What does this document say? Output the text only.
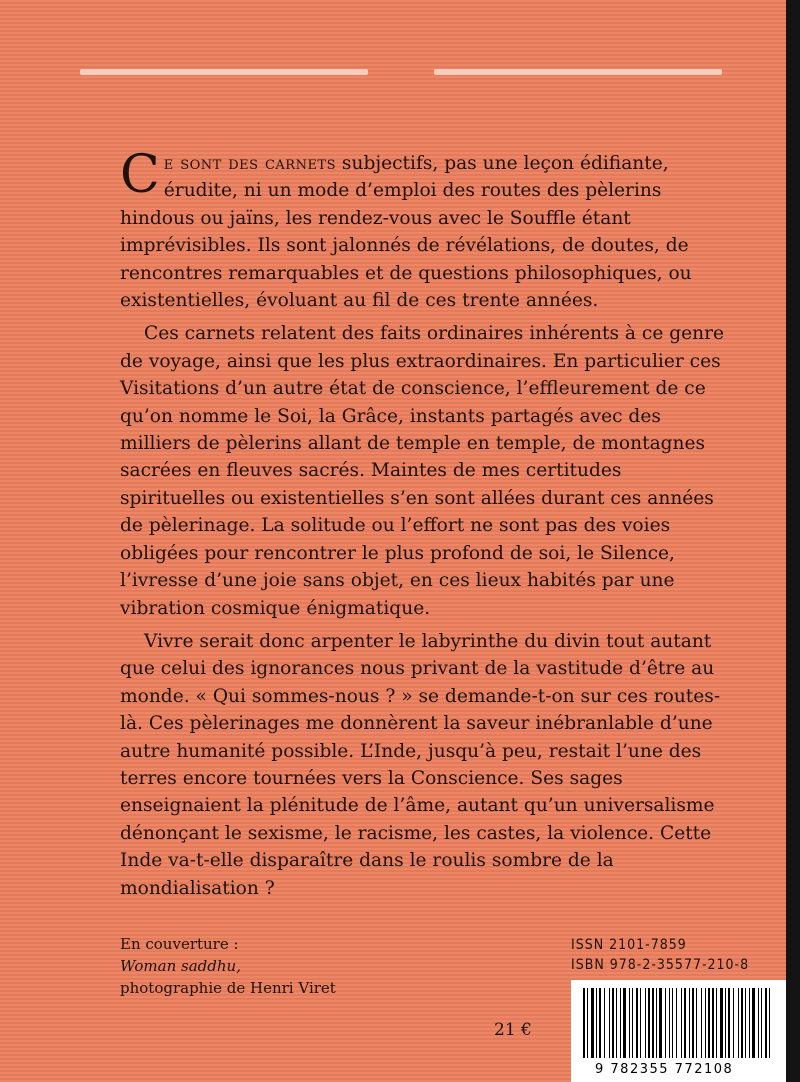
Ce sont des carnets subjectifs, pas une leçon édifiante, érudite, ni un mode d’emploi des routes des pèlerins hindous ou jaïns, les rendez-vous avec le Souffle étant imprévisibles. Ils sont jalonnés de révélations, de doutes, de rencontres remarquables et de questions philosophiques, ou existentielles, évoluant au fil de ces trente années.

Ces carnets relatent des faits ordinaires inhérents à ce genre de voyage, ainsi que les plus extraordinaires. En particulier ces Visitations d’un autre état de conscience, l’effleurement de ce qu’on nomme le Soi, la Grâce, instants partagés avec des milliers de pèlerins allant de temple en temple, de montagnes sacrées en fleuves sacrés. Maintes de mes certitudes spirituelles ou existentielles s’en sont allées durant ces années de pèlerinage. La solitude ou l’effort ne sont pas des voies obligées pour rencontrer le plus profond de soi, le Silence, l’ivresse d’une joie sans objet, en ces lieux habités par une vibration cosmique énigmatique.

Vivre serait donc arpenter le labyrinthe du divin tout autant que celui des ignorances nous privant de la vastitude d’être au monde. « Qui sommes-nous ? » se demande-t-on sur ces routes-là. Ces pèlerinages me donnèrent la saveur inébranlable d’une autre humanité possible. L’Inde, jusqu’à peu, restait l’une des terres encore tournées vers la Conscience. Ses sages enseignaient la plénitude de l’âme, autant qu’un universalisme dénonçant le sexisme, le racisme, les castes, la violence. Cette Inde va-t-elle disparaître dans le roulis sombre de la mondialisation ?

En couverture :
Woman saddhu,
photographie de Henri Viret
21 €
ISSN 2101-7859
ISBN 978-2-35577-210-8
9 782355 772108
